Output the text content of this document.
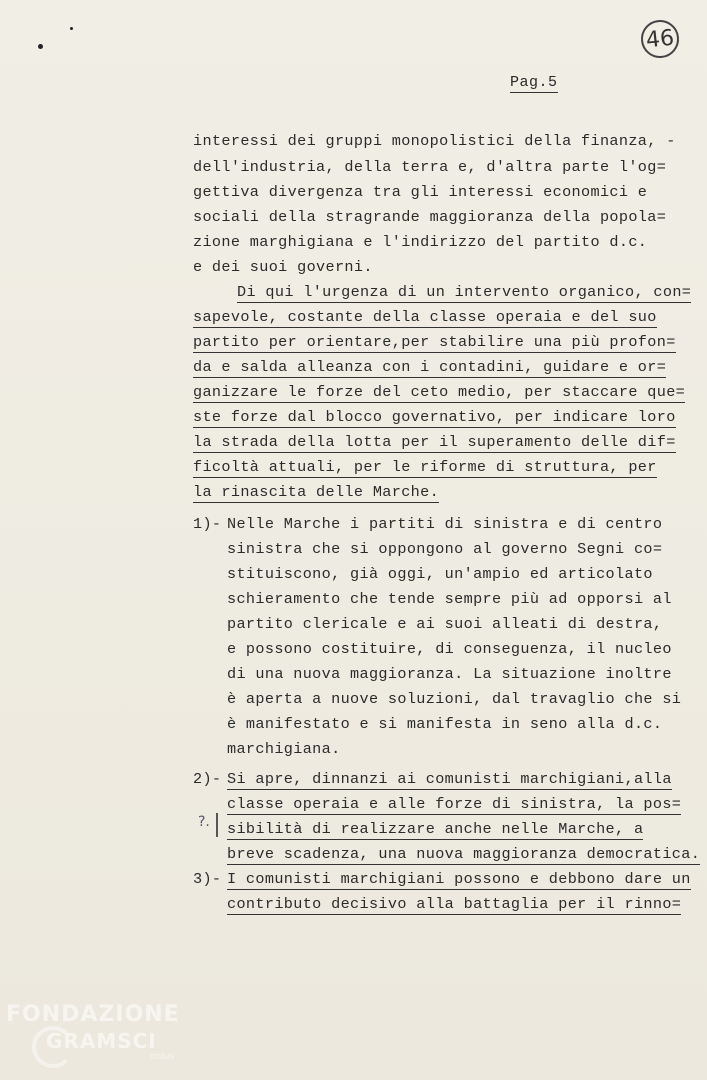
46
Pag.5
interessi dei gruppi monopolistici della finanza, -
dell'industria, della terra e, d'altra parte l'og=
gettiva divergenza tra gli interessi economici e
sociali della stragrande maggioranza della popola=
zione marghigiana e l'indirizzo del partito d.c.
e dei suoi governi.
Di qui l'urgenza di un intervento organico, con=
sapevole, costante della classe operaia e del suo
partito per orientare,per stabilire una più profon=
da e salda alleanza con i contadini, guidare e or=
ganizzare le forze del ceto medio, per staccare que=
ste forze dal blocco governativo, per indicare loro
la strada della lotta per il superamento delle dif=
ficoltà attuali, per le riforme di struttura, per
la rinascita delle Marche.
1)- Nelle Marche i partiti di sinistra e di centro
sinistra che si oppongono al governo Segni co=
stituiscono, già oggi, un'ampio ed articolato
schieramento che tende sempre più ad opporsi al
partito clericale e ai suoi alleati di destra,
e possono costituire, di conseguenza, il nucleo
di una nuova maggioranza. La situazione inoltre
è aperta a nuove soluzioni, dal travaglio che si
è manifestato e si manifesta in seno alla d.c.
marchigiana.
2)- Si apre, dinnanzi ai comunisti marchigiani,alla
classe operaia e alle forze di sinistra, la pos=
sibilità di realizzare anche nelle Marche, a
breve scadenza, una nuova maggioranza democratica.
?.
3)- I comunisti marchigiani possono e debbono dare un
contributo decisivo alla battaglia per il rinno=
FONDAZIONE
GRAMSCI
onlus
